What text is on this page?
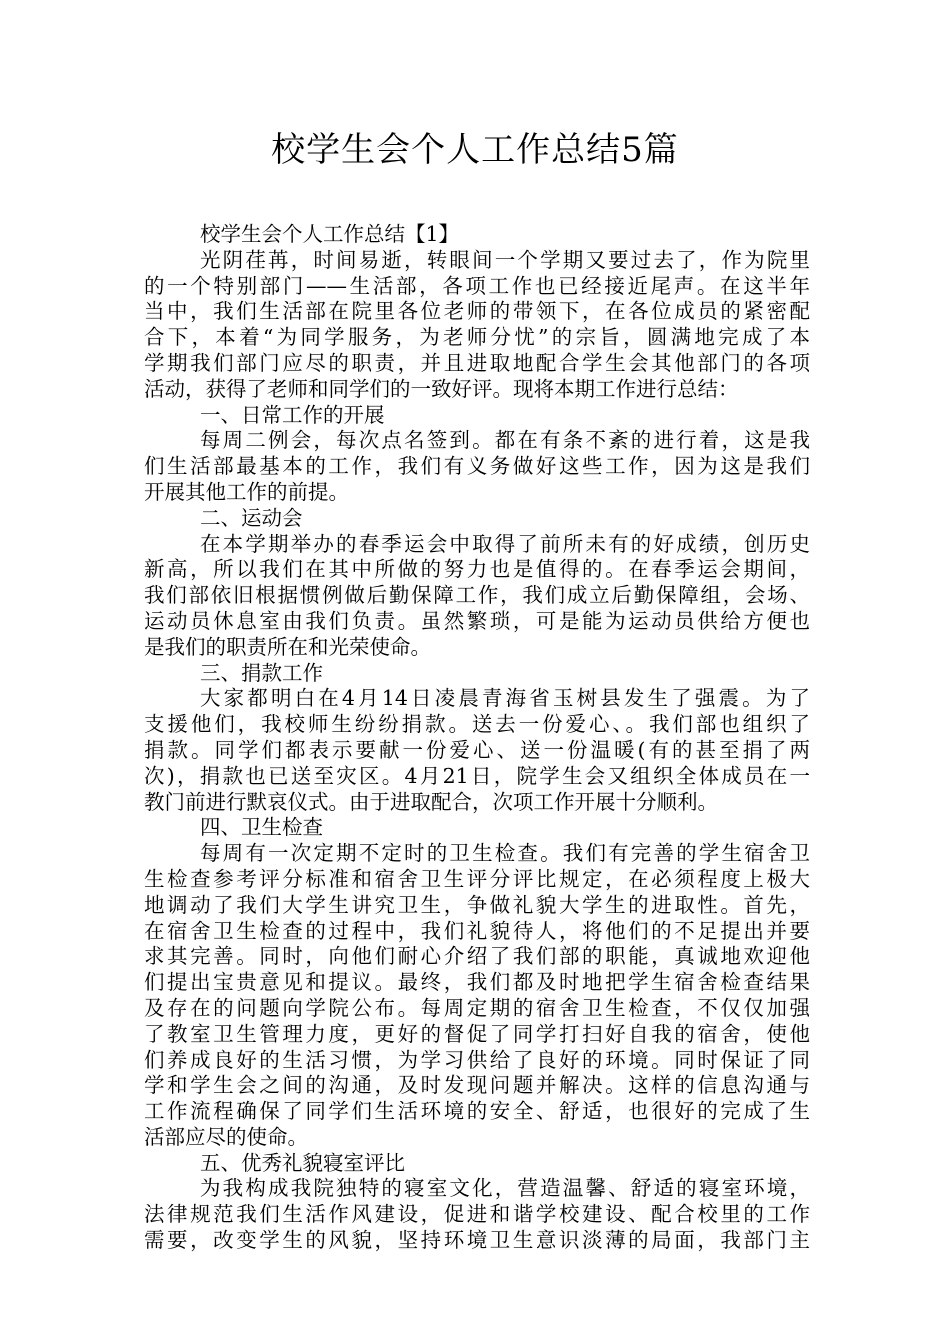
校学生会个人工作总结5篇
校学生会个人工作总结【1】
光阴荏苒，时间易逝，转眼间一个学期又要过去了，作为院里
的一个特别部门——生活部，各项工作也已经接近尾声。在这半年
当中，我们生活部在院里各位老师的带领下，在各位成员的紧密配
合下，本着“为同学服务，为老师分忧”的宗旨，圆满地完成了本
学期我们部门应尽的职责，并且进取地配合学生会其他部门的各项
活动，获得了老师和同学们的一致好评。现将本期工作进行总结：
一、日常工作的开展
每周二例会，每次点名签到。都在有条不紊的进行着，这是我
们生活部最基本的工作，我们有义务做好这些工作，因为这是我们
开展其他工作的前提。
二、运动会
在本学期举办的春季运会中取得了前所未有的好成绩，创历史
新高，所以我们在其中所做的努力也是值得的。在春季运会期间，
我们部依旧根据惯例做后勤保障工作，我们成立后勤保障组，会场、
运动员休息室由我们负责。虽然繁琐，可是能为运动员供给方便也
是我们的职责所在和光荣使命。
三、捐款工作
大家都明白在4月14日凌晨青海省玉树县发生了强震。为了
支援他们，我校师生纷纷捐款。送去一份爱心、。我们部也组织了
捐款。同学们都表示要献一份爱心、送一份温暖(有的甚至捐了两
次)，捐款也已送至灾区。4月21日，院学生会又组织全体成员在一
教门前进行默哀仪式。由于进取配合，次项工作开展十分顺利。
四、卫生检查
每周有一次定期不定时的卫生检查。我们有完善的学生宿舍卫
生检查参考评分标准和宿舍卫生评分评比规定，在必须程度上极大
地调动了我们大学生讲究卫生，争做礼貌大学生的进取性。首先，
在宿舍卫生检查的过程中，我们礼貌待人，将他们的不足提出并要
求其完善。同时，向他们耐心介绍了我们部的职能，真诚地欢迎他
们提出宝贵意见和提议。最终，我们都及时地把学生宿舍检查结果
及存在的问题向学院公布。每周定期的宿舍卫生检查，不仅仅加强
了教室卫生管理力度，更好的督促了同学打扫好自我的宿舍，使他
们养成良好的生活习惯，为学习供给了良好的环境。同时保证了同
学和学生会之间的沟通，及时发现问题并解决。这样的信息沟通与
工作流程确保了同学们生活环境的安全、舒适，也很好的完成了生
活部应尽的使命。
五、优秀礼貌寝室评比
为我构成我院独特的寝室文化，营造温馨、舒适的寝室环境，
法律规范我们生活作风建设，促进和谐学校建设、配合校里的工作
需要，改变学生的风貌，坚持环境卫生意识淡薄的局面，我部门主
